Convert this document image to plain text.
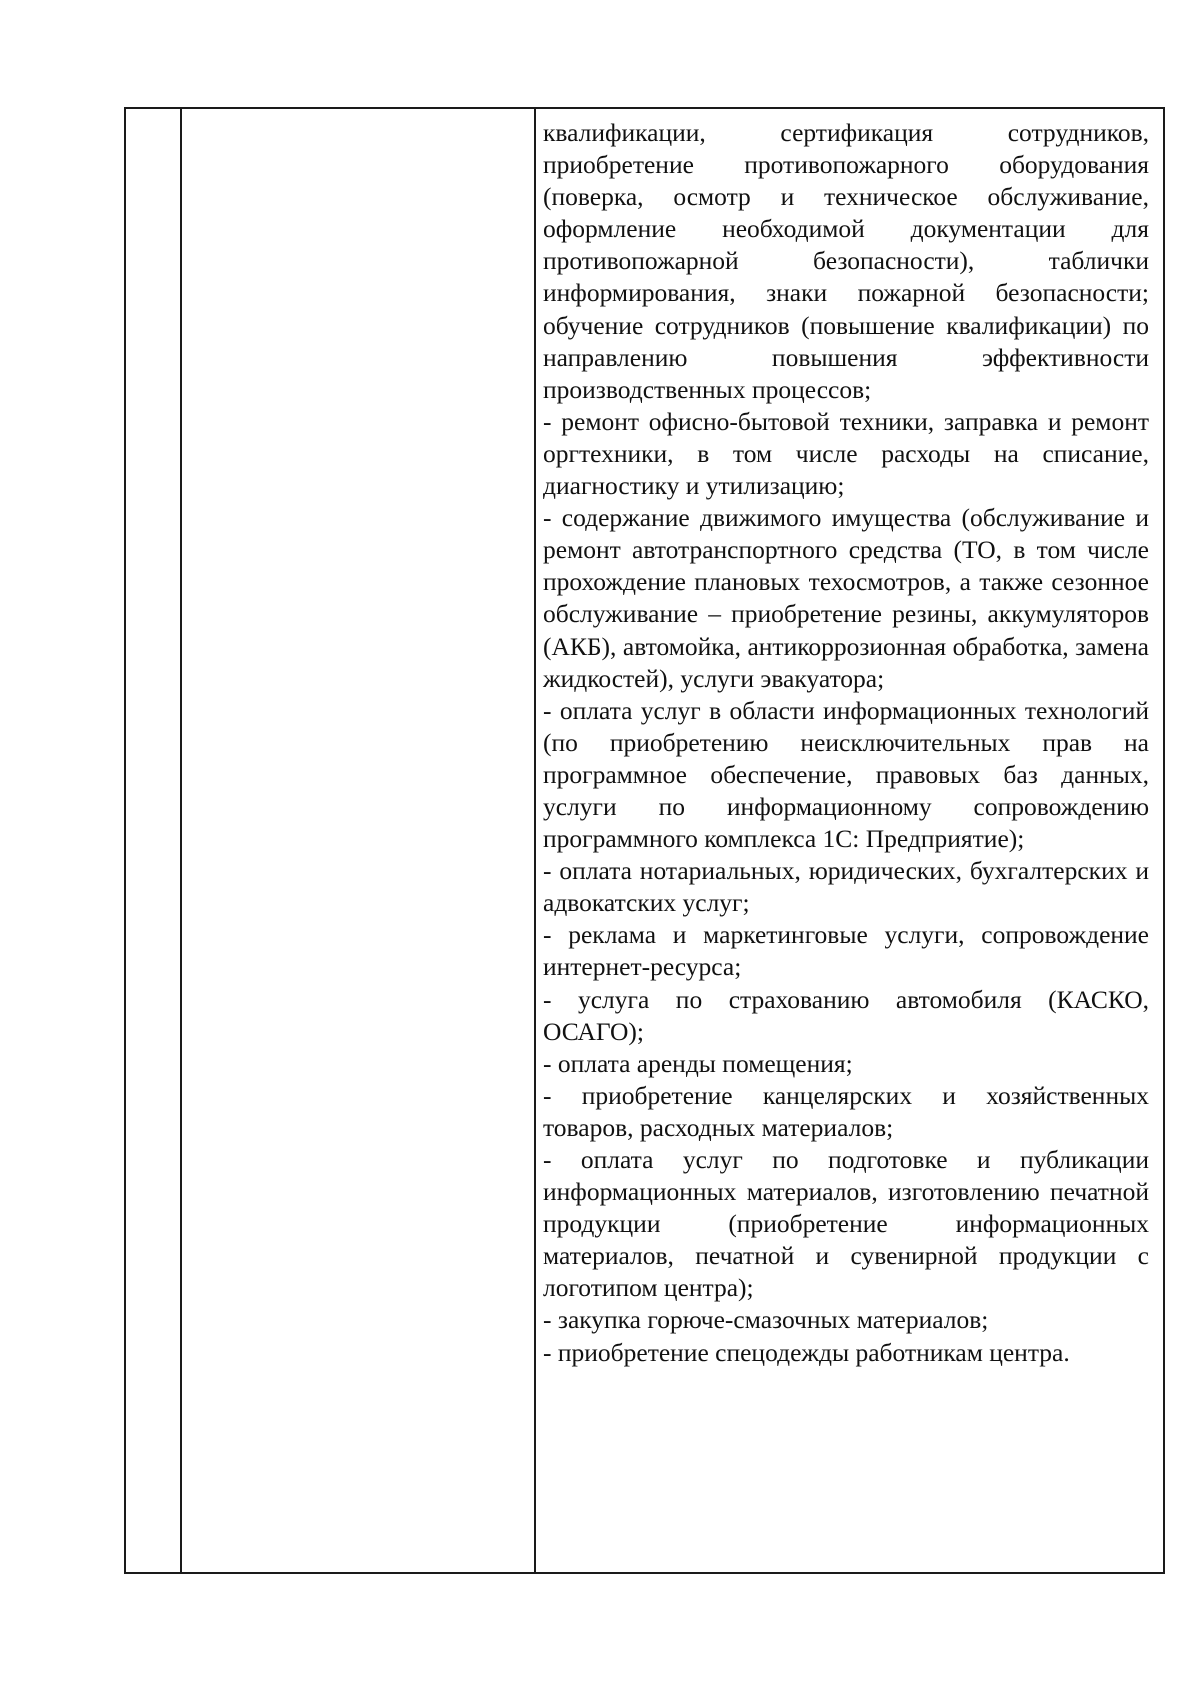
квалификации, сертификация сотрудников, приобретение противопожарного оборудования (поверка, осмотр и техническое обслуживание, оформление необходимой документации для противопожарной безопасности), таблички информирования, знаки пожарной безопасности; обучение сотрудников (повышение квалификации) по направлению повышения эффективности производственных процессов;

- ремонт офисно-бытовой техники, заправка и ремонт оргтехники, в том числе расходы на списание, диагностику и утилизацию;

- содержание движимого имущества (обслуживание и ремонт автотранспортного средства (ТО, в том числе прохождение плановых техосмотров, а также сезонное обслуживание – приобретение резины, аккумуляторов (АКБ), автомойка, антикоррозионная обработка, замена жидкостей), услуги эвакуатора;

- оплата услуг в области информационных технологий (по приобретению неисключительных прав на программное обеспечение, правовых баз данных, услуги по информационному сопровождению программного комплекса 1С: Предприятие);

- оплата нотариальных, юридических, бухгалтерских и адвокатских услуг;

- реклама и маркетинговые услуги, сопровождение интернет-ресурса;

- услуга по страхованию автомобиля (КАСКО, ОСАГО);

- оплата аренды помещения;

- приобретение канцелярских и хозяйственных товаров, расходных материалов;

- оплата услуг по подготовке и публикации информационных материалов, изготовлению печатной продукции (приобретение информационных материалов, печатной и сувенирной продукции с логотипом центра);

- закупка горюче-смазочных материалов;

- приобретение спецодежды работникам центра.
